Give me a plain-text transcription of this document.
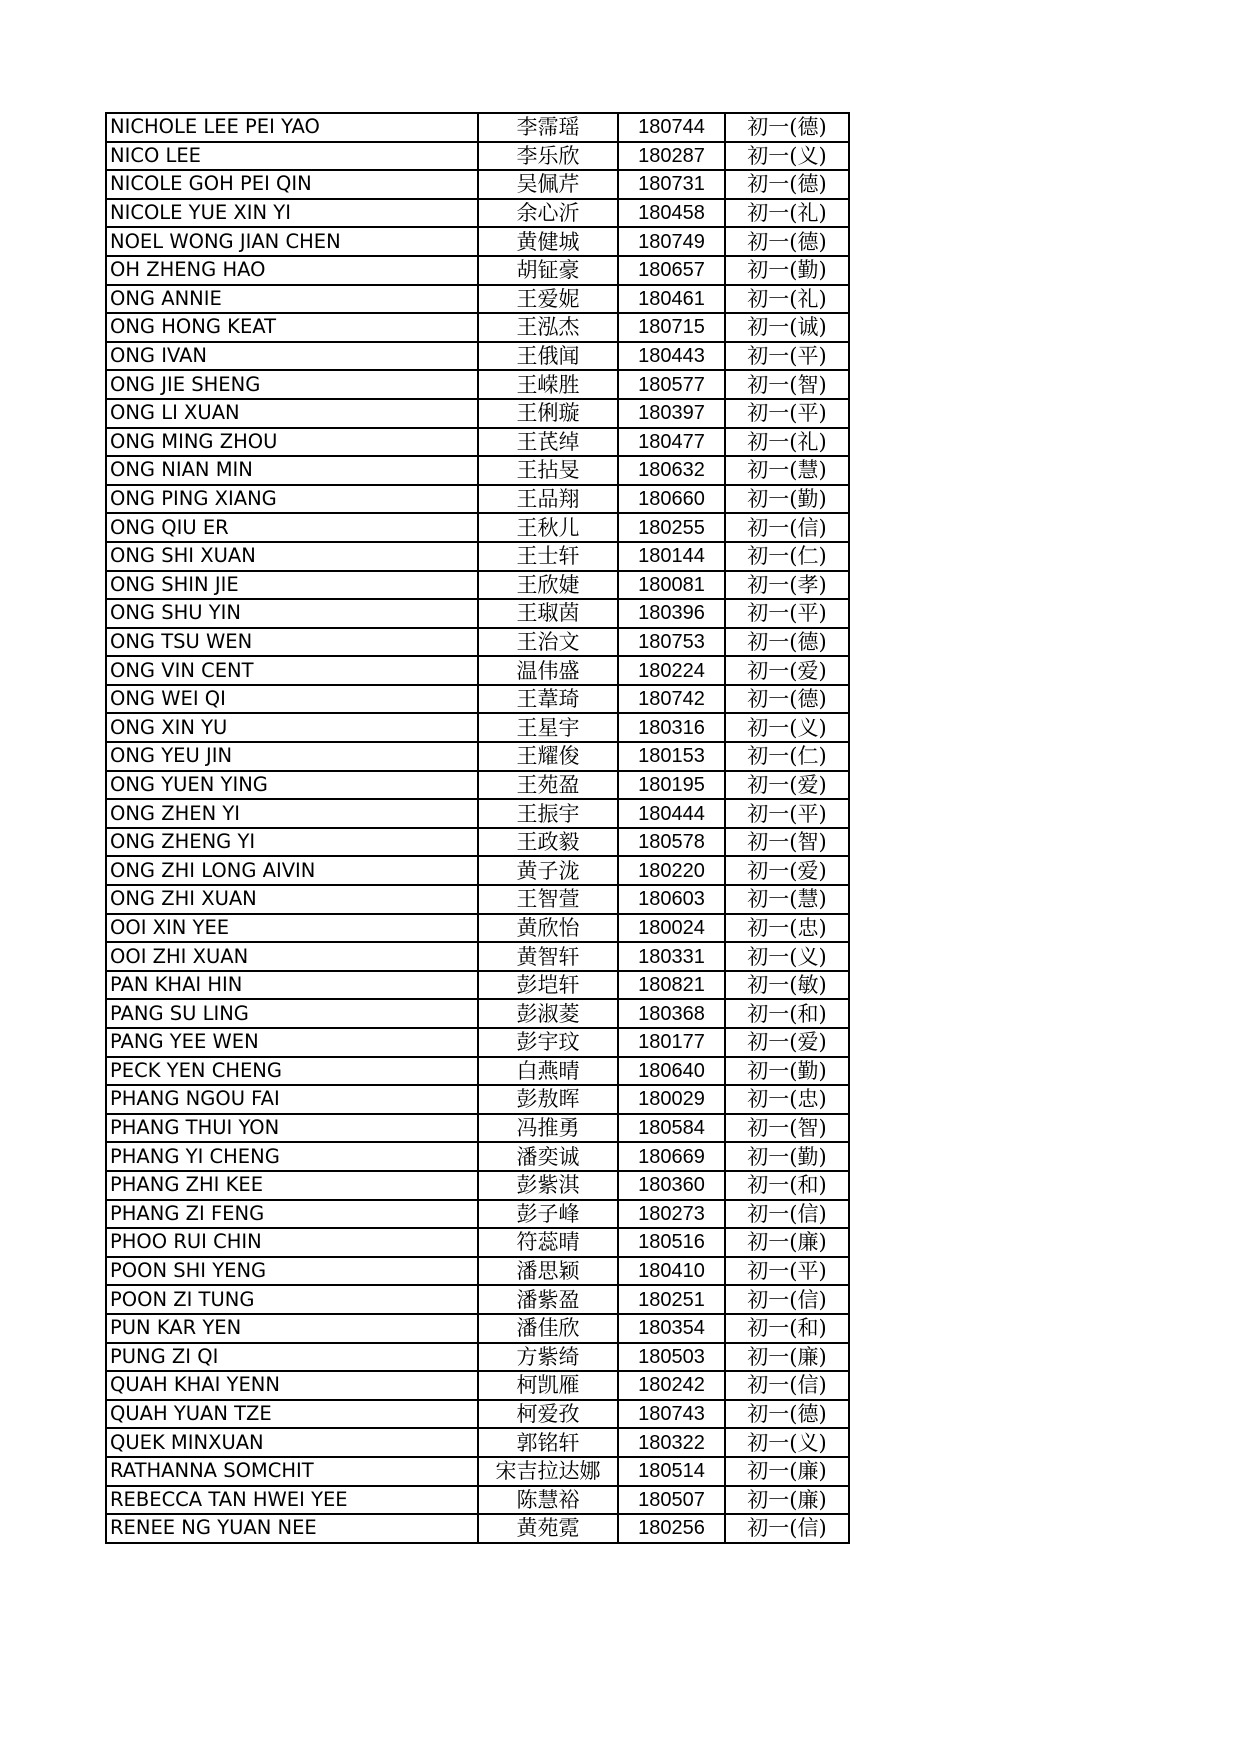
NICHOLE LEE PEI YAO	李霈瑶	180744	初一(德)
NICO LEE	李乐欣	180287	初一(义)
NICOLE GOH PEI QIN	吴佩芹	180731	初一(德)
NICOLE YUE XIN YI	余心沂	180458	初一(礼)
NOEL WONG JIAN CHEN	黄健城	180749	初一(德)
OH ZHENG HAO	胡钲豪	180657	初一(勤)
ONG ANNIE	王爱妮	180461	初一(礼)
ONG HONG KEAT	王泓杰	180715	初一(诚)
ONG IVAN	王俄闻	180443	初一(平)
ONG JIE SHENG	王嵘胜	180577	初一(智)
ONG LI XUAN	王俐璇	180397	初一(平)
ONG MING ZHOU	王芪绰	180477	初一(礼)
ONG NIAN MIN	王拈旻	180632	初一(慧)
ONG PING XIANG	王品翔	180660	初一(勤)
ONG QIU ER	王秋儿	180255	初一(信)
ONG SHI XUAN	王士轩	180144	初一(仁)
ONG SHIN JIE	王欣婕	180081	初一(孝)
ONG SHU YIN	王琡茵	180396	初一(平)
ONG TSU WEN	王治文	180753	初一(德)
ONG VIN CENT	温伟盛	180224	初一(爱)
ONG WEI QI	王葦琦	180742	初一(德)
ONG XIN YU	王星宇	180316	初一(义)
ONG YEU JIN	王耀俊	180153	初一(仁)
ONG YUEN YING	王苑盈	180195	初一(爱)
ONG ZHEN YI	王振宇	180444	初一(平)
ONG ZHENG YI	王政毅	180578	初一(智)
ONG ZHI LONG AIVIN	黄子泷	180220	初一(爱)
ONG ZHI XUAN	王智萱	180603	初一(慧)
OOI XIN YEE	黄欣怡	180024	初一(忠)
OOI ZHI XUAN	黄智轩	180331	初一(义)
PAN KHAI HIN	彭垲轩	180821	初一(敏)
PANG SU LING	彭淑菱	180368	初一(和)
PANG YEE WEN	彭宇玟	180177	初一(爱)
PECK YEN CHENG	白燕晴	180640	初一(勤)
PHANG NGOU FAI	彭敖晖	180029	初一(忠)
PHANG THUI YON	冯推勇	180584	初一(智)
PHANG YI CHENG	潘奕诚	180669	初一(勤)
PHANG ZHI KEE	彭紫淇	180360	初一(和)
PHANG ZI FENG	彭子峰	180273	初一(信)
PHOO RUI CHIN	符蕊晴	180516	初一(廉)
POON SHI YENG	潘思颖	180410	初一(平)
POON ZI TUNG	潘紫盈	180251	初一(信)
PUN KAR YEN	潘佳欣	180354	初一(和)
PUNG ZI QI	方紫绮	180503	初一(廉)
QUAH KHAI YENN	柯凯雁	180242	初一(信)
QUAH YUAN TZE	柯爱孜	180743	初一(德)
QUEK MINXUAN	郭铭轩	180322	初一(义)
RATHANNA SOMCHIT	宋吉拉达娜	180514	初一(廉)
REBECCA TAN HWEI YEE	陈慧裕	180507	初一(廉)
RENEE NG YUAN NEE	黄苑霓	180256	初一(信)
